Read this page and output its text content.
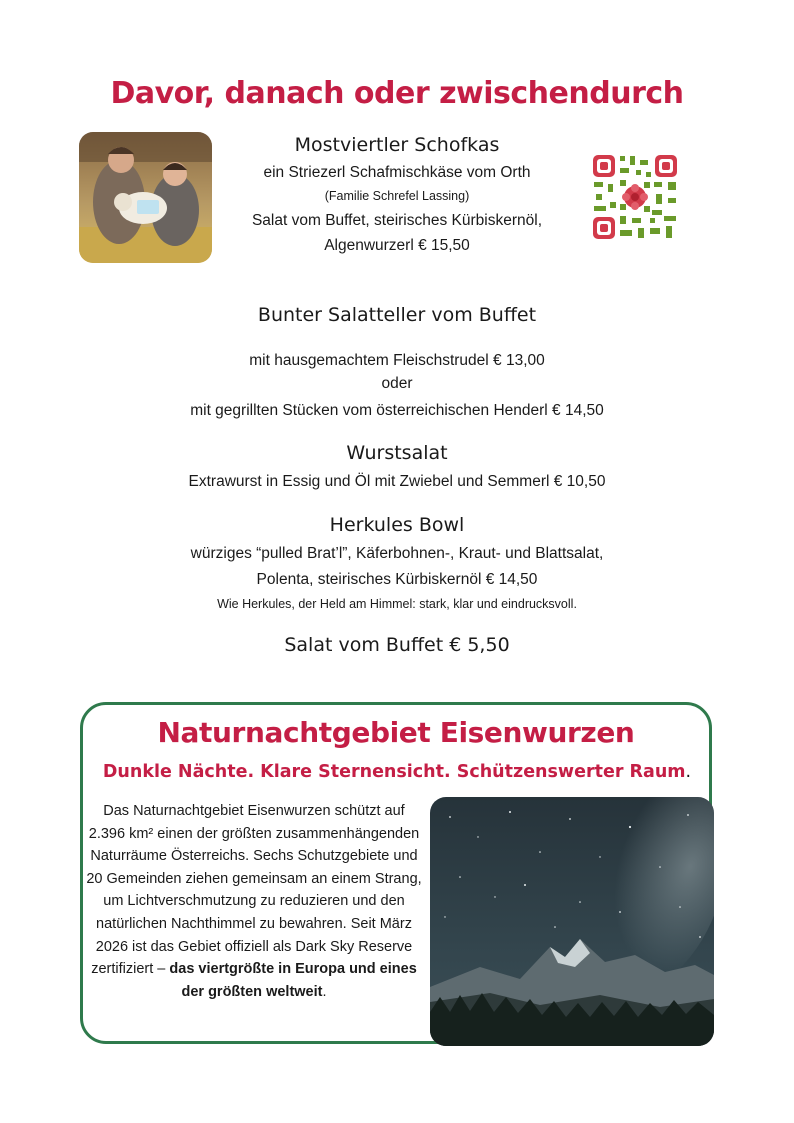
Davor, danach oder zwischendurch
Mostviertler Schofkas
ein Striezerl Schafmischkäse vom Orth
(Familie Schrefel Lassing)
Salat vom Buffet, steirisches Kürbiskernöl,
Algenwurzerl € 15,50
Bunter Salatteller vom Buffet
mit hausgemachtem Fleischstrudel € 13,00
oder
mit gegrillten Stücken vom österreichischen Henderl € 14,50
Wurstsalat
Extrawurst in Essig und Öl mit Zwiebel und Semmerl € 10,50
Herkules Bowl
würziges “pulled Brat’l”, Käferbohnen-, Kraut- und Blattsalat,
Polenta, steirisches Kürbiskernöl € 14,50
Wie Herkules, der Held am Himmel: stark, klar und eindrucksvoll.
Salat vom Buffet € 5,50
Naturnachtgebiet Eisenwurzen
Dunkle Nächte. Klare Sternensicht. Schützenswerter Raum.
Das Naturnachtgebiet Eisenwurzen schützt auf 2.396 km² einen der größten zusammenhängenden Naturräume Österreichs. Sechs Schutzgebiete und 20 Gemeinden ziehen gemeinsam an einem Strang, um Lichtverschmutzung zu reduzieren und den natürlichen Nachthimmel zu bewahren. Seit März 2026 ist das Gebiet offiziell als Dark Sky Reserve zertifiziert – das viertgrößte in Europa und eines der größten weltweit.
